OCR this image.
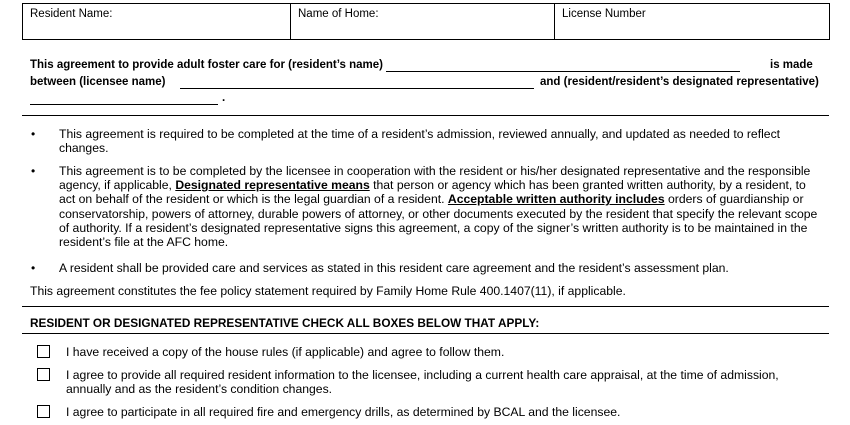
Resident Name:	Name of Home:	License Number
This agreement to provide adult foster care for (resident’s name)	is made
between (licensee name)	and (resident/resident’s designated representative)
.
• This agreement is required to be completed at the time of a resident’s admission, reviewed annually, and updated as needed to reflect changes.
• This agreement is to be completed by the licensee in cooperation with the resident or his/her designated representative and the responsible agency, if applicable, Designated representative means that person or agency which has been granted written authority, by a resident, to act on behalf of the resident or which is the legal guardian of a resident. Acceptable written authority includes orders of guardianship or conservatorship, powers of attorney, durable powers of attorney, or other documents executed by the resident that specify the relevant scope of authority. If a resident’s designated representative signs this agreement, a copy of the signer’s written authority is to be maintained in the resident’s file at the AFC home.
• A resident shall be provided care and services as stated in this resident care agreement and the resident’s assessment plan.
This agreement constitutes the fee policy statement required by Family Home Rule 400.1407(11), if applicable.
RESIDENT OR DESIGNATED REPRESENTATIVE CHECK ALL BOXES BELOW THAT APPLY:
I have received a copy of the house rules (if applicable) and agree to follow them.
I agree to provide all required resident information to the licensee, including a current health care appraisal, at the time of admission, annually and as the resident’s condition changes.
I agree to participate in all required fire and emergency drills, as determined by BCAL and the licensee.
